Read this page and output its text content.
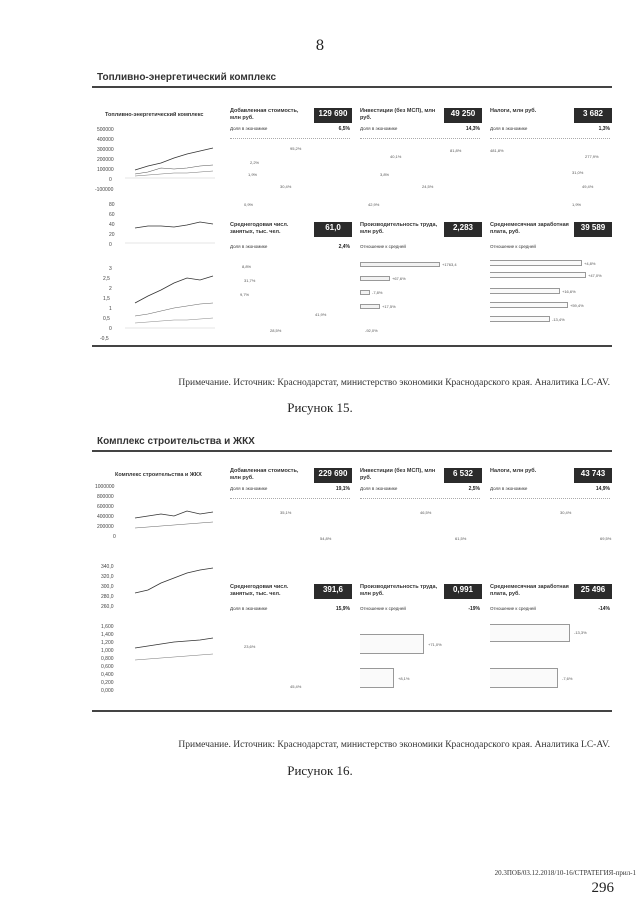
8
Топливно-энергетический комплекс
Топливно-энергетический комплекс
500000
400000
300000
200000
100000
0
-100000
80
60
40
20
0
3
2,5
2
1,5
1
0,5
0
-0,5
Добавленная стоимость, млн руб.	129 690
Доля в экономике	6,5%
95,2%
2,2%
1,9%
30,4%
0,9%
Инвестиции (без МСП), млн руб.	49 250
Доля в экономике	14,3%
40,1%
81,8%
3,8%
24,5%
42,9%
Налоги, млн руб.	3 682
Доля в экономике	1,3%
481,8%
277,9%
31,0%
49,4%
1,9%
Среднегодовая числ. занятых, тыс. чел.	61,0
Доля в экономике	2,4%
8,8%
31,7%
9,7%
41,9%
28,5%
Производительность труда, млн руб.	2,283
Отношение к средней
+1763,4
+67,6%
-7,8%
+17,5%
-92,0%
Среднемесячная заработная плата, руб.	39 589
Отношение к средней
+4,8%
+47,0%
+16,6%
+59,4%
-13,4%
Примечание. Источник: Краснодарстат, министерство экономики Краснодарского края. Аналитика LC-AV.
Рисунок 15.
Комплекс строительства и ЖКХ
Комплекс строительства и ЖКХ
1000000
800000
600000
400000
200000
0
340,0
320,0
300,0
280,0
260,0
1,600
1,400
1,200
1,000
0,800
0,600
0,400
0,200
0,000
Добавленная стоимость, млн руб.	229 690
Доля в экономике	19,1%
35,1%
54,8%
Инвестиции (без МСП), млн руб.	6 532
Доля в экономике	2,5%
46,5%
61,5%
Налоги, млн руб.	43 743
Доля в экономике	14,9%
30,4%
69,5%
Среднегодовая числ. занятых, тыс. чел.	391,6
Доля в экономике	15,9%
23,6%
45,4%
Производительность труда, млн руб.	0,991
Отношение к средней	-19%
+71,0%
+8,1%
Среднемесячная заработная плата, руб.	25 496
Отношение к средней	-14%
-13,3%
-7,6%
Примечание. Источник: Краснодарстат, министерство экономики Краснодарского края. Аналитика LC-AV.
Рисунок 16.
20.3ПОБ/03.12.2018/10-16/СТРАТЕГИЯ-прил-1
296
